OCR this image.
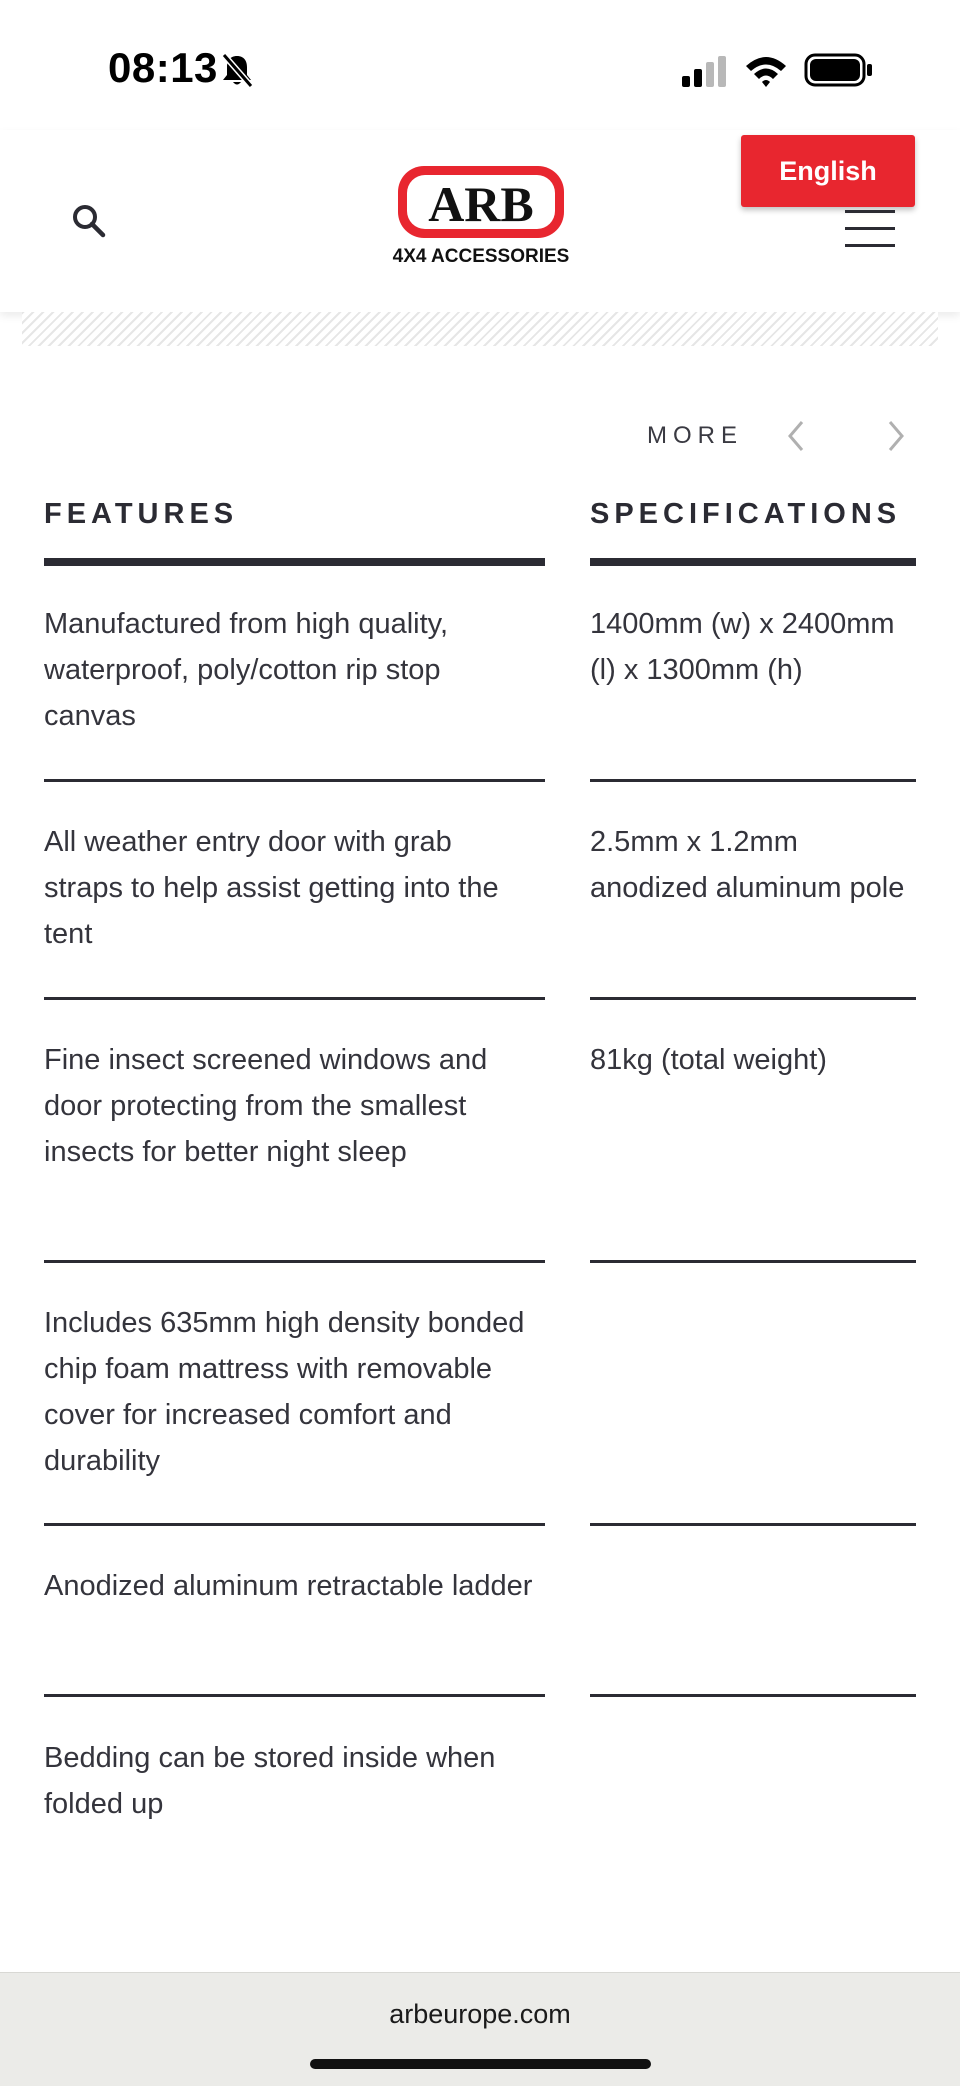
08:13
ARB
4X4 ACCESSORIES
English
MORE
FEATURES	SPECIFICATIONS
Manufactured from high quality, waterproof, poly/cotton rip stop canvas
1400mm (w) x 2400mm (l) x 1300mm (h)
All weather entry door with grab straps to help assist getting into the tent
2.5mm x 1.2mm anodized aluminum pole
Fine insect screened windows and door protecting from the smallest insects for better night sleep
81kg (total weight)
Includes 635mm high density bonded chip foam mattress with removable cover for increased comfort and durability
Anodized aluminum retractable ladder
Bedding can be stored inside when folded up
arbeurope.com
